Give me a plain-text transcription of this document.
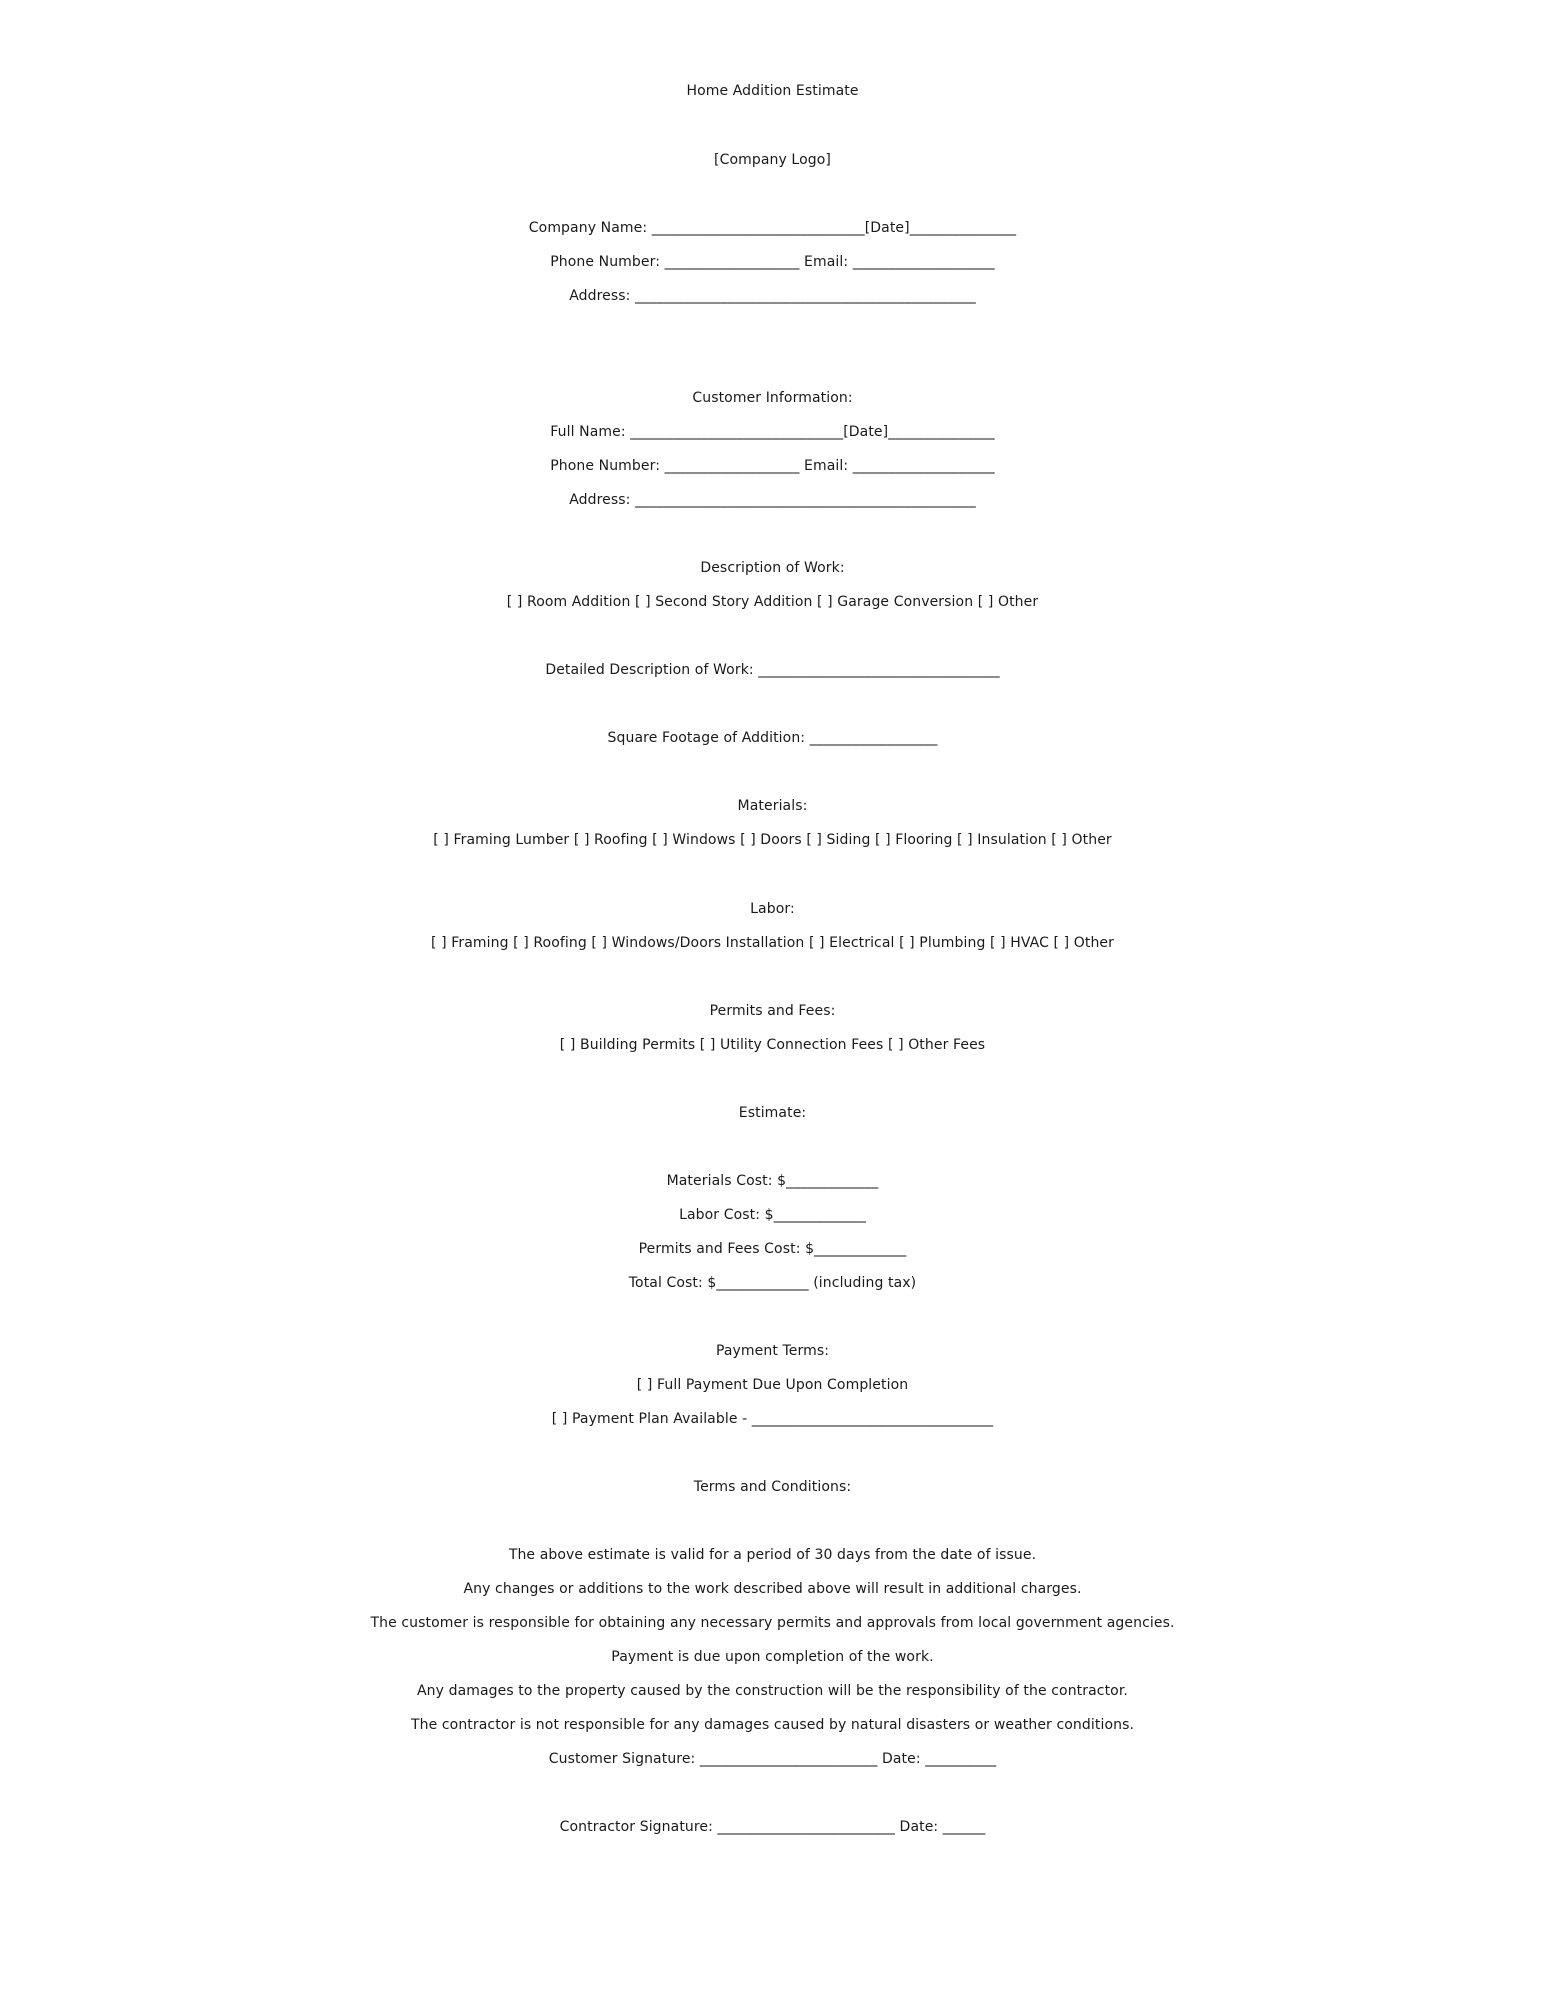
Home Addition Estimate
[Company Logo]
Company Name: ______________________________[Date]_______________
Phone Number: ___________________ Email: ____________________
Address: ________________________________________________
Customer Information:
Full Name: ______________________________[Date]_______________
Phone Number: ___________________ Email: ____________________
Address: ________________________________________________
Description of Work:
[ ] Room Addition [ ] Second Story Addition [ ] Garage Conversion [ ] Other
Detailed Description of Work: __________________________________
Square Footage of Addition: __________________
Materials:
[ ] Framing Lumber [ ] Roofing [ ] Windows [ ] Doors [ ] Siding [ ] Flooring [ ] Insulation [ ] Other
Labor:
[ ] Framing [ ] Roofing [ ] Windows/Doors Installation [ ] Electrical [ ] Plumbing [ ] HVAC [ ] Other
Permits and Fees:
[ ] Building Permits [ ] Utility Connection Fees [ ] Other Fees
Estimate:
Materials Cost: $_____________
Labor Cost: $_____________
Permits and Fees Cost: $_____________
Total Cost: $_____________ (including tax)
Payment Terms:
[ ] Full Payment Due Upon Completion
[ ] Payment Plan Available - __________________________________
Terms and Conditions:
The above estimate is valid for a period of 30 days from the date of issue.
Any changes or additions to the work described above will result in additional charges.
The customer is responsible for obtaining any necessary permits and approvals from local government agencies.
Payment is due upon completion of the work.
Any damages to the property caused by the construction will be the responsibility of the contractor.
The contractor is not responsible for any damages caused by natural disasters or weather conditions.
Customer Signature: _________________________ Date: __________
Contractor Signature: _________________________ Date: ______
